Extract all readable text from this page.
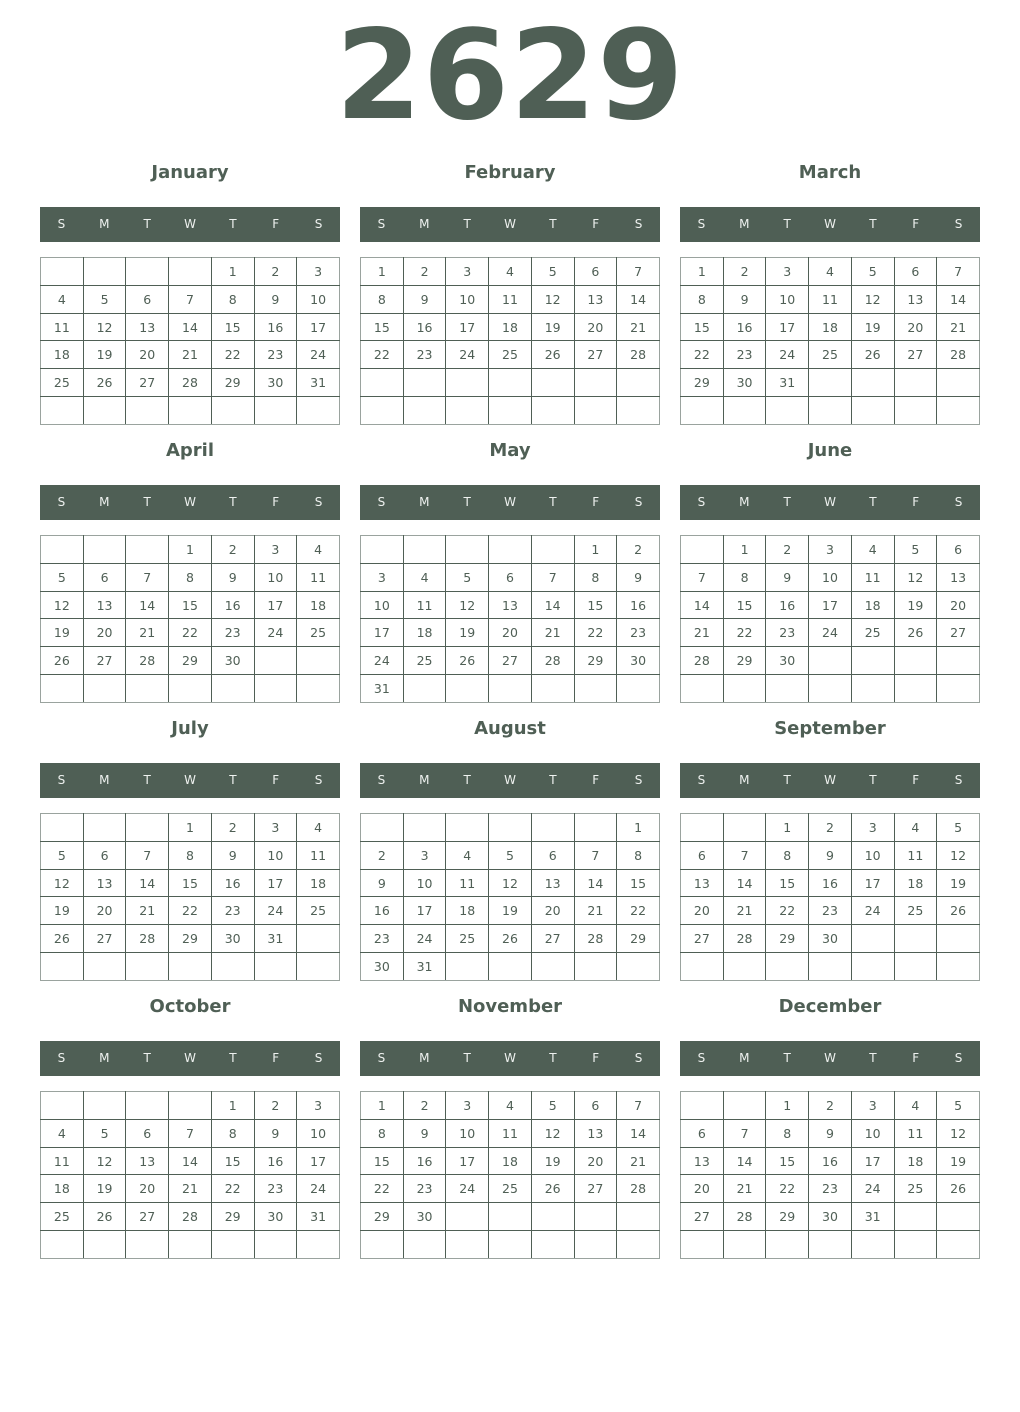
2629
January
S	M	T	W	T	F	S
				1	2	3
4	5	6	7	8	9	10
11	12	13	14	15	16	17
18	19	20	21	22	23	24
25	26	27	28	29	30	31

February
S	M	T	W	T	F	S
1	2	3	4	5	6	7
8	9	10	11	12	13	14
15	16	17	18	19	20	21
22	23	24	25	26	27	28

March
S	M	T	W	T	F	S
1	2	3	4	5	6	7
8	9	10	11	12	13	14
15	16	17	18	19	20	21
22	23	24	25	26	27	28
29	30	31				

April
S	M	T	W	T	F	S
			1	2	3	4
5	6	7	8	9	10	11
12	13	14	15	16	17	18
19	20	21	22	23	24	25
26	27	28	29	30		

May
S	M	T	W	T	F	S
					1	2
3	4	5	6	7	8	9
10	11	12	13	14	15	16
17	18	19	20	21	22	23
24	25	26	27	28	29	30
31						
June
S	M	T	W	T	F	S
	1	2	3	4	5	6
7	8	9	10	11	12	13
14	15	16	17	18	19	20
21	22	23	24	25	26	27
28	29	30				

July
S	M	T	W	T	F	S
			1	2	3	4
5	6	7	8	9	10	11
12	13	14	15	16	17	18
19	20	21	22	23	24	25
26	27	28	29	30	31	

August
S	M	T	W	T	F	S
						1
2	3	4	5	6	7	8
9	10	11	12	13	14	15
16	17	18	19	20	21	22
23	24	25	26	27	28	29
30	31					
September
S	M	T	W	T	F	S
		1	2	3	4	5
6	7	8	9	10	11	12
13	14	15	16	17	18	19
20	21	22	23	24	25	26
27	28	29	30			

October
S	M	T	W	T	F	S
				1	2	3
4	5	6	7	8	9	10
11	12	13	14	15	16	17
18	19	20	21	22	23	24
25	26	27	28	29	30	31

November
S	M	T	W	T	F	S
1	2	3	4	5	6	7
8	9	10	11	12	13	14
15	16	17	18	19	20	21
22	23	24	25	26	27	28
29	30					

December
S	M	T	W	T	F	S
		1	2	3	4	5
6	7	8	9	10	11	12
13	14	15	16	17	18	19
20	21	22	23	24	25	26
27	28	29	30	31		
